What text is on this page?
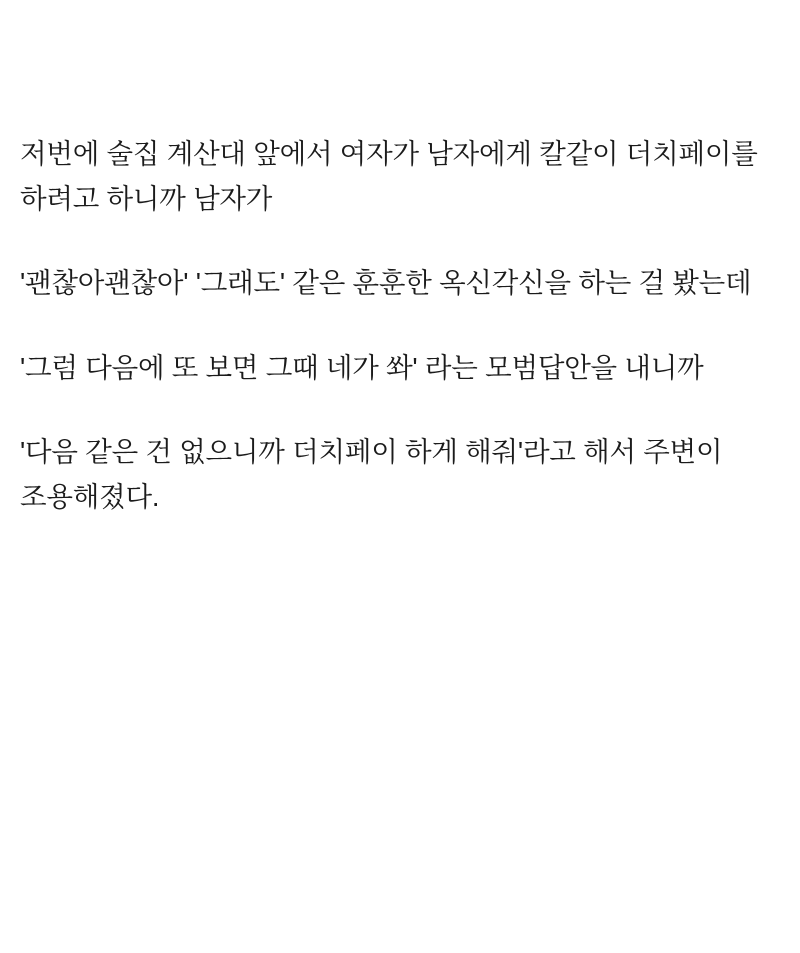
저번에 술집 계산대 앞에서 여자가 남자에게 칼같이 더치페이를 하려고 하니까 남자가

'괜찮아괜찮아' '그래도' 같은 훈훈한 옥신각신을 하는 걸 봤는데

'그럼 다음에 또 보면 그때 네가 쏴' 라는 모범답안을 내니까

'다음 같은 건 없으니까 더치페이 하게 해줘'라고 해서 주변이 조용해졌다.
